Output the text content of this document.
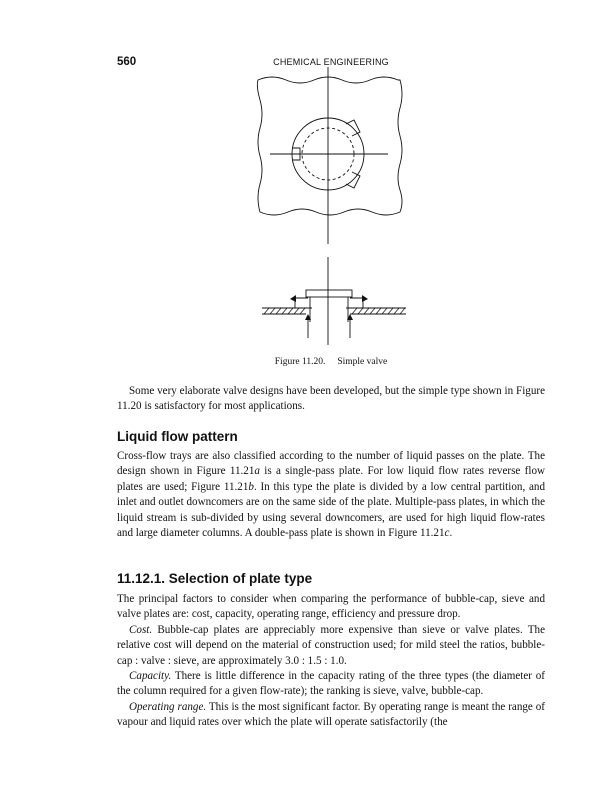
560	CHEMICAL ENGINEERING
Figure 11.20. Simple valve

Some very elaborate valve designs have been developed, but the simple type shown in Figure 11.20 is satisfactory for most applications.

Liquid flow pattern

Cross-flow trays are also classified according to the number of liquid passes on the plate. The design shown in Figure 11.21a is a single-pass plate. For low liquid flow rates reverse flow plates are used; Figure 11.21b. In this type the plate is divided by a low central partition, and inlet and outlet downcomers are on the same side of the plate. Multiple-pass plates, in which the liquid stream is sub-divided by using several downcomers, are used for high liquid flow-rates and large diameter columns. A double-pass plate is shown in Figure 11.21c.

11.12.1. Selection of plate type

The principal factors to consider when comparing the performance of bubble-cap, sieve and valve plates are: cost, capacity, operating range, efficiency and pressure drop.

Cost. Bubble-cap plates are appreciably more expensive than sieve or valve plates. The relative cost will depend on the material of construction used; for mild steel the ratios, bubble-cap : valve : sieve, are approximately 3.0 : 1.5 : 1.0.

Capacity. There is little difference in the capacity rating of the three types (the diameter of the column required for a given flow-rate); the ranking is sieve, valve, bubble-cap.

Operating range. This is the most significant factor. By operating range is meant the range of vapour and liquid rates over which the plate will operate satisfactorily (the
